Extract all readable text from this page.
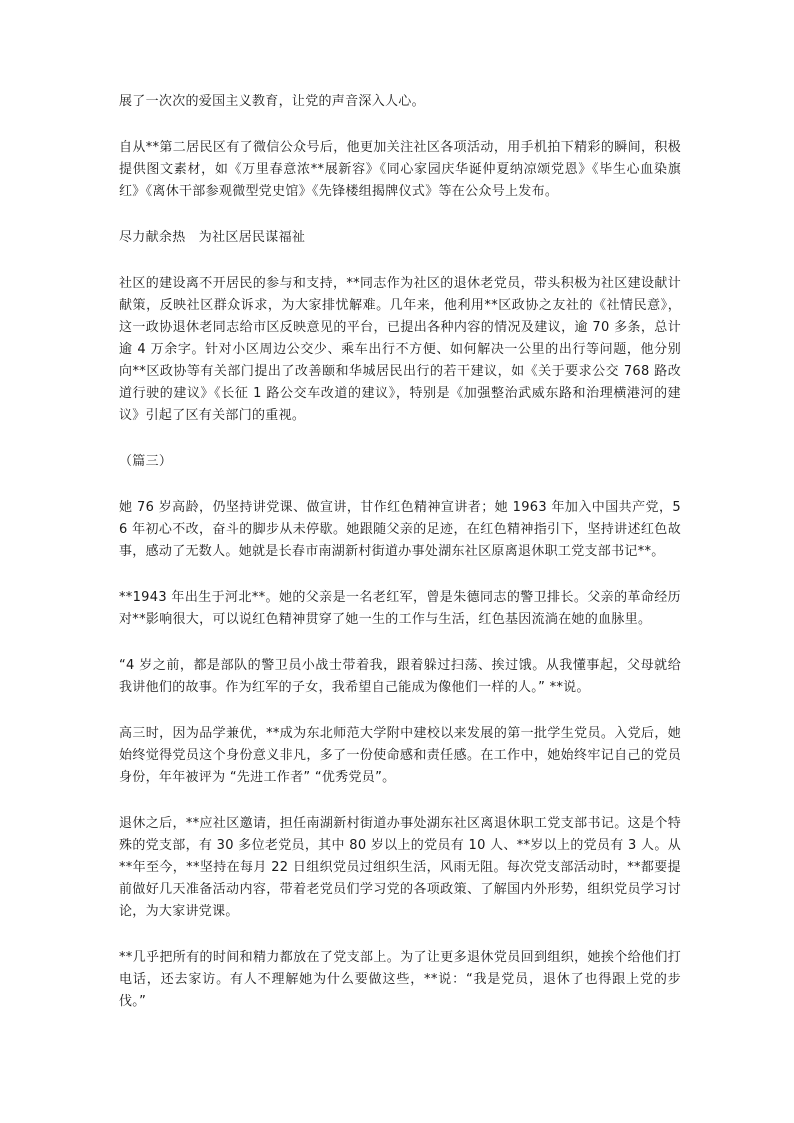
展了一次次的爱国主义教育，让党的声音深入人心。

自从**第二居民区有了微信公众号后，他更加关注社区各项活动，用手机拍下精彩的瞬间，积极提供图文素材，如《万里春意浓**展新容》《同心家园庆华诞仲夏纳凉颂党恩》《毕生心血染旗红》《离休干部参观微型党史馆》《先锋楼组揭牌仪式》等在公众号上发布。

尽力献余热　为社区居民谋福祉

社区的建设离不开居民的参与和支持，**同志作为社区的退休老党员，带头积极为社区建设献计献策，反映社区群众诉求，为大家排忧解难。几年来，他利用**区政协之友社的《社情民意》，这一政协退休老同志给市区反映意见的平台，已提出各种内容的情况及建议，逾 70 多条，总计逾 4 万余字。针对小区周边公交少、乘车出行不方便、如何解决一公里的出行等问题，他分别向**区政协等有关部门提出了改善颐和华城居民出行的若干建议，如《关于要求公交 768 路改道行驶的建议》《长征 1 路公交车改道的建议》，特别是《加强整治武威东路和治理横港河的建议》引起了区有关部门的重视。

（篇三）

她 76 岁高龄，仍坚持讲党课、做宣讲，甘作红色精神宣讲者；她 1963 年加入中国共产党，56 年初心不改，奋斗的脚步从未停歇。她跟随父亲的足迹，在红色精神指引下，坚持讲述红色故事，感动了无数人。她就是长春市南湖新村街道办事处湖东社区原离退休职工党支部书记**。

**1943 年出生于河北**。她的父亲是一名老红军，曾是朱德同志的警卫排长。父亲的革命经历对**影响很大，可以说红色精神贯穿了她一生的工作与生活，红色基因流淌在她的血脉里。

“4 岁之前，都是部队的警卫员小战士带着我，跟着躲过扫荡、挨过饿。从我懂事起，父母就给我讲他们的故事。作为红军的子女，我希望自己能成为像他们一样的人。” **说。

高三时，因为品学兼优，**成为东北师范大学附中建校以来发展的第一批学生党员。入党后，她始终觉得党员这个身份意义非凡，多了一份使命感和责任感。在工作中，她始终牢记自己的党员身份，年年被评为 “先进工作者” “优秀党员”。

退休之后，**应社区邀请，担任南湖新村街道办事处湖东社区离退休职工党支部书记。这是个特殊的党支部，有 30 多位老党员，其中 80 岁以上的党员有 10 人、**岁以上的党员有 3 人。从**年至今，**坚持在每月 22 日组织党员过组织生活，风雨无阻。每次党支部活动时，**都要提前做好几天准备活动内容，带着老党员们学习党的各项政策、了解国内外形势，组织党员学习讨论，为大家讲党课。

**几乎把所有的时间和精力都放在了党支部上。为了让更多退休党员回到组织，她挨个给他们打电话，还去家访。有人不理解她为什么要做这些，**说：“我是党员，退休了也得跟上党的步伐。”
